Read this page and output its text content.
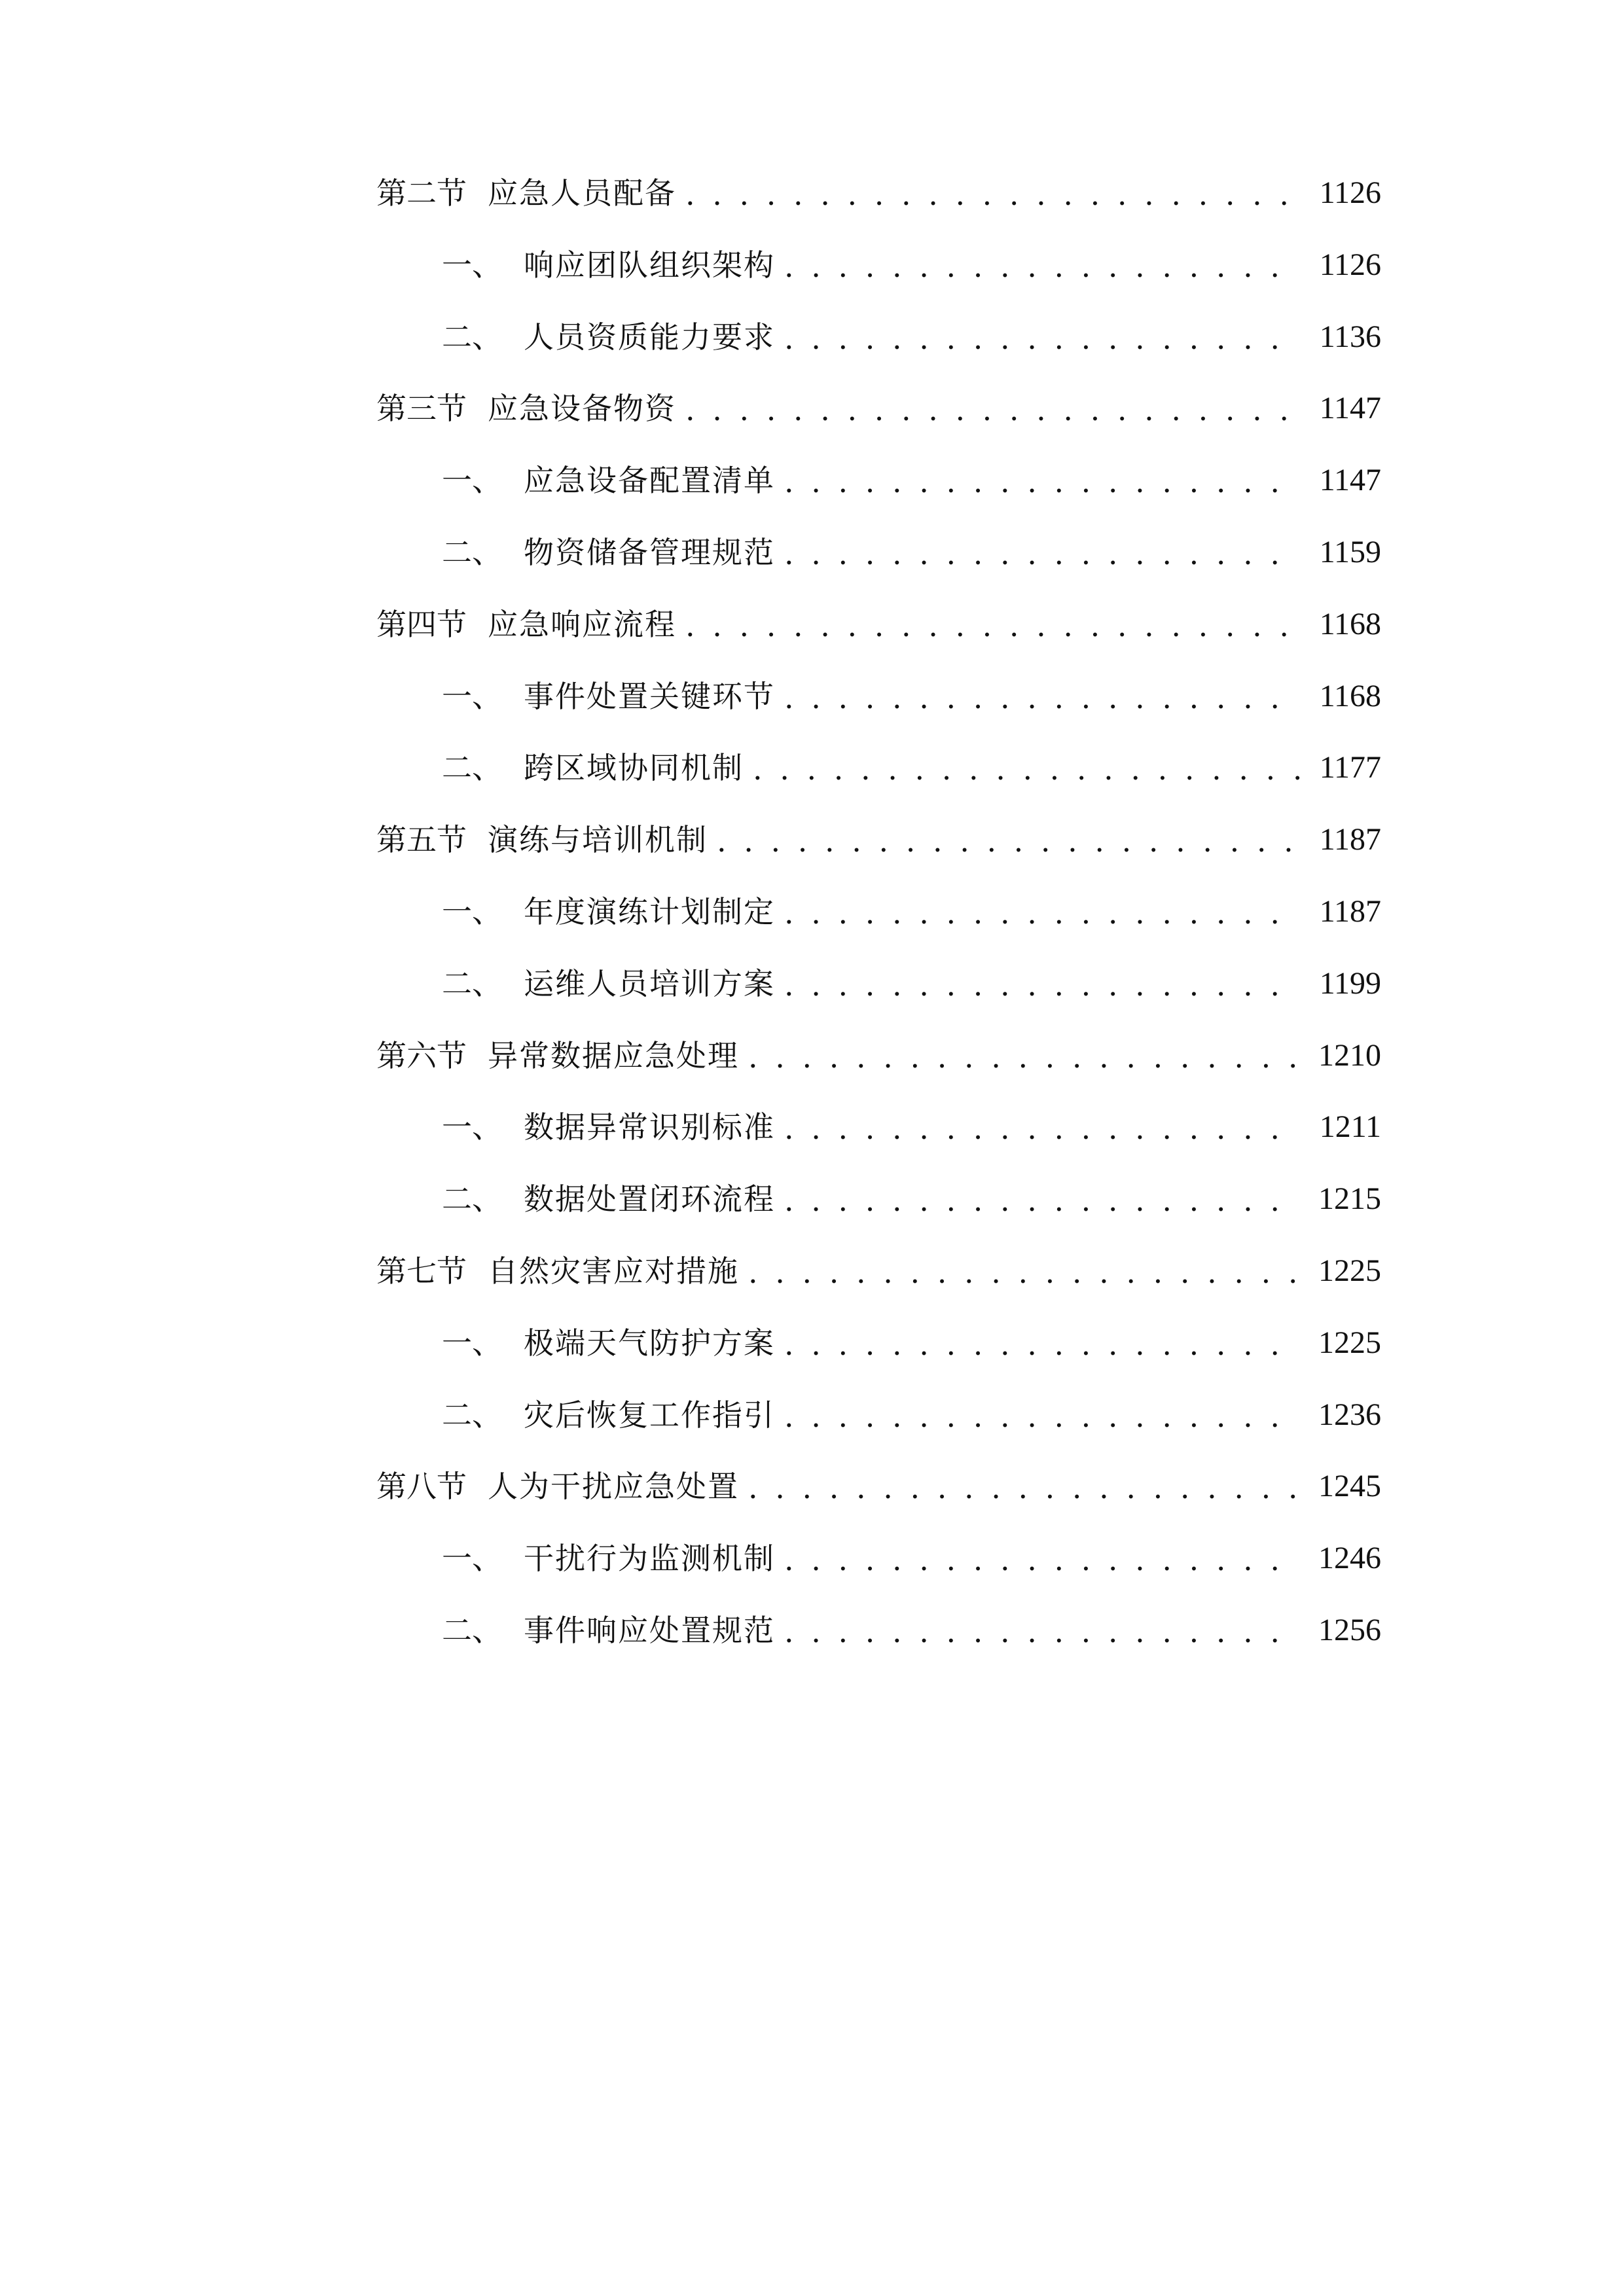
第二节 应急人员配备 . . .	1126
一、 响应团队组织架构 . . .	1126
二、 人员资质能力要求 . . .	1136
第三节 应急设备物资 . . .	1147
一、 应急设备配置清单 . . .	1147
二、 物资储备管理规范 . . .	1159
第四节 应急响应流程 . . .	1168
一、 事件处置关键环节 . . .	1168
二、 跨区域协同机制 . . .	1177
第五节 演练与培训机制 . . .	1187
一、 年度演练计划制定 . . .	1187
二、 运维人员培训方案 . . .	1199
第六节 异常数据应急处理 . . .	1210
一、 数据异常识别标准 . . .	1211
二、 数据处置闭环流程 . . .	1215
第七节 自然灾害应对措施 . . .	1225
一、 极端天气防护方案 . . .	1225
二、 灾后恢复工作指引 . . .	1236
第八节 人为干扰应急处置 . . .	1245
一、 干扰行为监测机制 . . .	1246
二、 事件响应处置规范 . . .	1256
